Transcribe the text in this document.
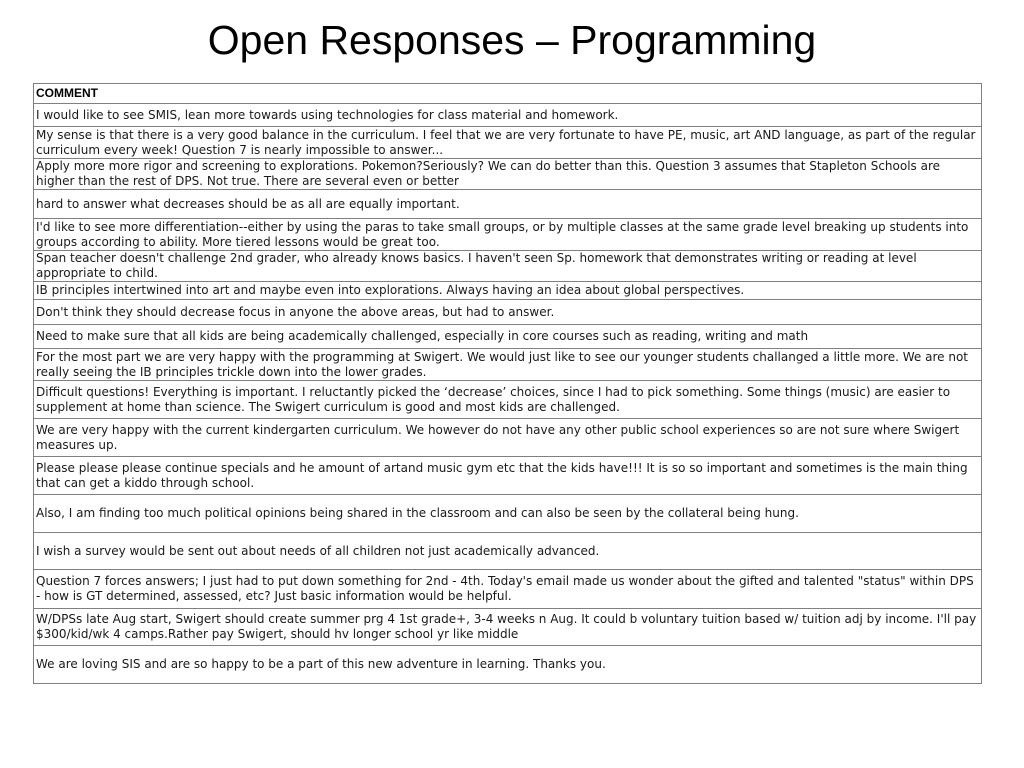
Open Responses – Programming
COMMENT
I would like to see SMIS, lean more towards using technologies for class material and homework.
My sense is that there is a very good balance in the curriculum. I feel that we are very fortunate to have PE, music, art AND language, as part of the regular curriculum every week! Question 7 is nearly impossible to answer...
Apply more more rigor and screening to explorations. Pokemon?Seriously? We can do better than this. Question 3 assumes that Stapleton Schools are higher than the rest of DPS. Not true. There are several even or better
hard to answer what decreases should be as all are equally important.
I'd like to see more differentiation--either by using the paras to take small groups, or by multiple classes at the same grade level breaking up students into groups according to ability. More tiered lessons would be great too.
Span teacher doesn't challenge 2nd grader, who already knows basics. I haven't seen Sp. homework that demonstrates writing or reading at level appropriate to child.
IB principles intertwined into art and maybe even into explorations. Always having an idea about global perspectives.
Don't think they should decrease focus in anyone the above areas, but had to answer.
Need to make sure that all kids are being academically challenged, especially in core courses such as reading, writing and math
For the most part we are very happy with the programming at Swigert. We would just like to see our younger students challanged a little more. We are not really seeing the IB principles trickle down into the lower grades.
Difficult questions! Everything is important. I reluctantly picked the ‘decrease’ choices, since I had to pick something. Some things (music) are easier to supplement at home than science. The Swigert curriculum is good and most kids are challenged.
We are very happy with the current kindergarten curriculum. We however do not have any other public school experiences so are not sure where Swigert measures up.
Please please please continue specials and he amount of artand music gym etc that the kids have!!! It is so so important and sometimes is the main thing that can get a kiddo through school.
Also, I am finding too much political opinions being shared in the classroom and can also be seen by the collateral being hung.
I wish a survey would be sent out about needs of all children not just academically advanced.
Question 7 forces answers; I just had to put down something for 2nd - 4th. Today's email made us wonder about the gifted and talented "status" within DPS - how is GT determined, assessed, etc? Just basic information would be helpful.
W/DPSs late Aug start, Swigert should create summer prg 4 1st grade+, 3-4 weeks n Aug. It could b voluntary tuition based w/ tuition adj by income. I'll pay $300/kid/wk 4 camps.Rather pay Swigert, should hv longer school yr like middle
We are loving SIS and are so happy to be a part of this new adventure in learning. Thanks you.
